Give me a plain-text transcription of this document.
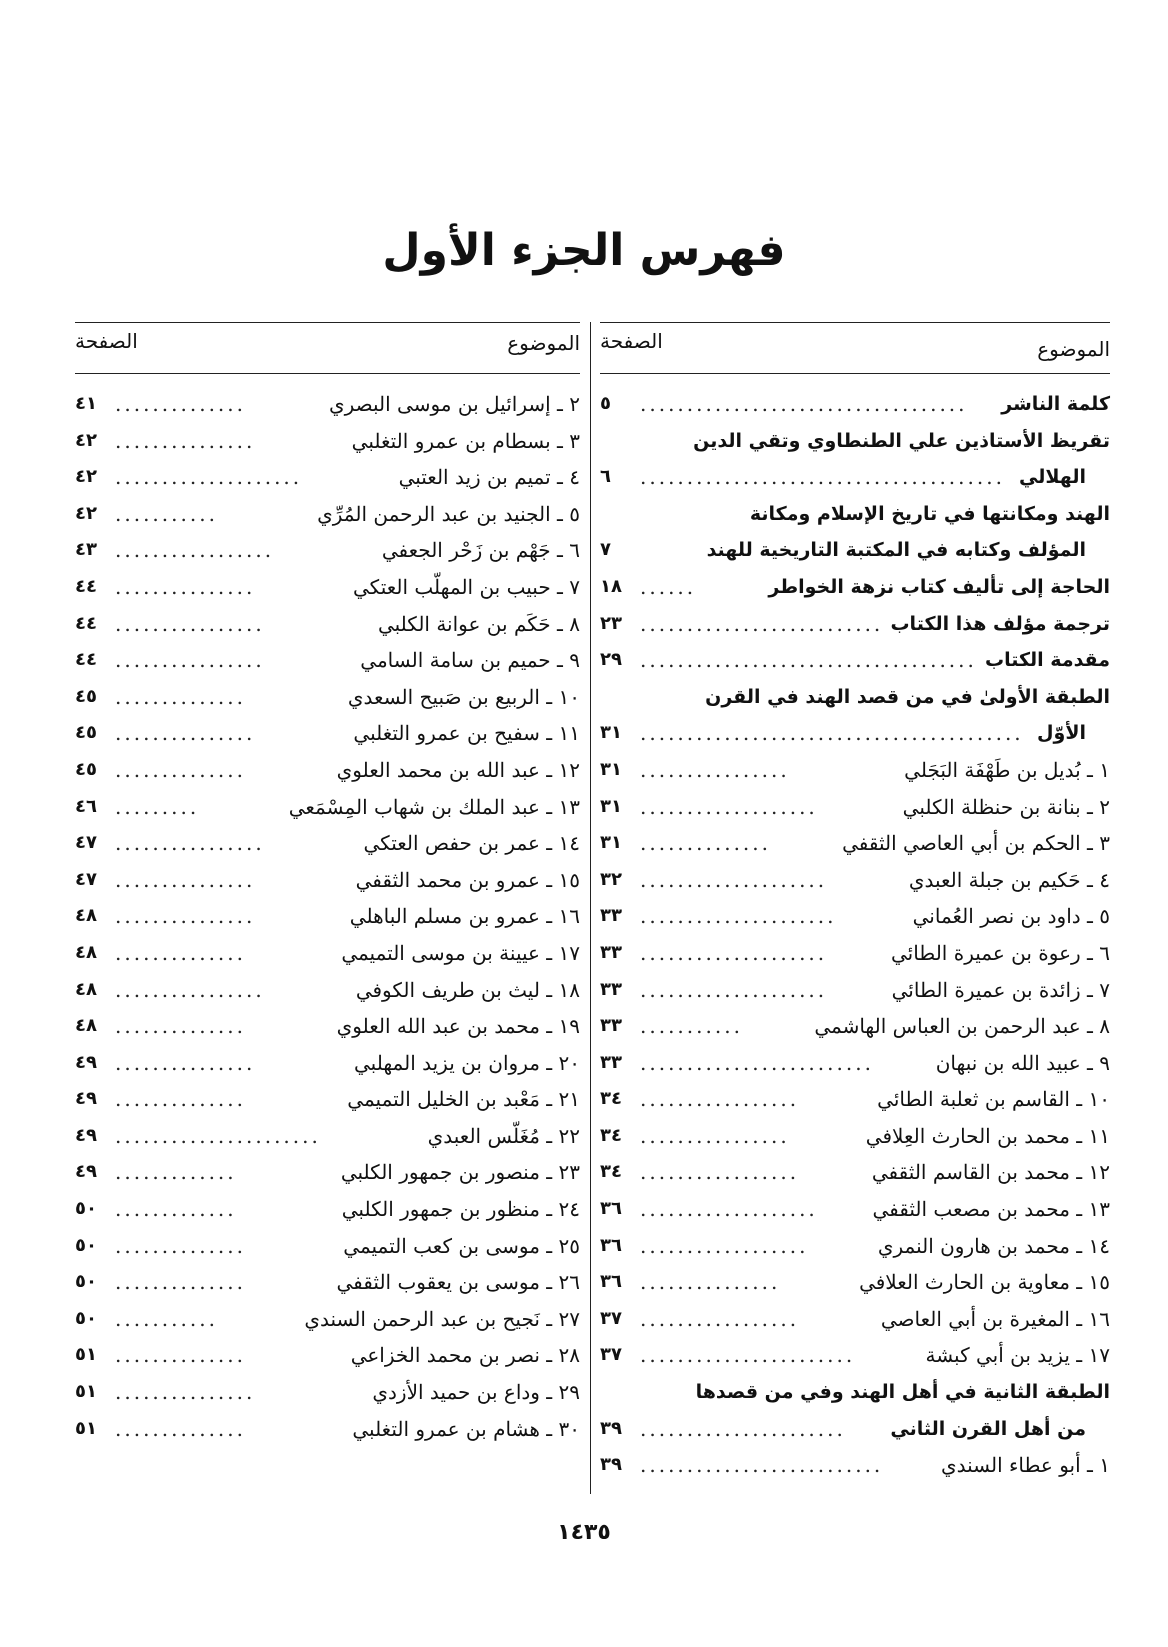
فهرس الجزء الأول
الموضوع
الصفحة
كلمة الناشر
...................................
٥
تقريظ الأستاذين علي الطنطاوي وتقي الدين
الهلالي
.......................................
٦
الهند ومكانتها في تاريخ الإسلام ومكانة
المؤلف وكتابه في المكتبة التاريخية للهند
٧
الحاجة إلى تأليف كتاب نزهة الخواطر
......
١٨
ترجمة مؤلف هذا الكتاب
..........................
٢٣
مقدمة الكتاب
....................................
٢٩
الطبقة الأولىٰ في من قصد الهند في القرن
الأوّل
.........................................
٣١
١ ـ بُديل بن طَهْفَة البَجَلي
................
٣١
٢ ـ بنانة بن حنظلة الكلبي
...................
٣١
٣ ـ الحكم بن أبي العاصي الثقفي
..............
٣١
٤ ـ حَكيم بن جبلة العبدي
....................
٣٢
٥ ـ داود بن نصر العُماني
.....................
٣٣
٦ ـ رعوة بن عميرة الطائي
....................
٣٣
٧ ـ زائدة بن عميرة الطائي
....................
٣٣
٨ ـ عبد الرحمن بن العباس الهاشمي
...........
٣٣
٩ ـ عبيد الله بن نبهان
.........................
٣٣
١٠ ـ القاسم بن ثعلبة الطائي
.................
٣٤
١١ ـ محمد بن الحارث العِلافي
................
٣٤
١٢ ـ محمد بن القاسم الثقفي
.................
٣٤
١٣ ـ محمد بن مصعب الثقفي
...................
٣٦
١٤ ـ محمد بن هارون النمري
..................
٣٦
١٥ ـ معاوية بن الحارث العلافي
...............
٣٦
١٦ ـ المغيرة بن أبي العاصي
.................
٣٧
١٧ ـ يزيد بن أبي كبشة
.......................
٣٧
الطبقة الثانية في أهل الهند وفي من قصدها
من أهل القرن الثاني
......................
٣٩
١ ـ أبو عطاء السندي
..........................
٣٩
الموضوع
الصفحة
٢ ـ إسرائيل بن موسى البصري
..............
٤١
٣ ـ بسطام بن عمرو التغلبي
...............
٤٢
٤ ـ تميم بن زيد العتبي
....................
٤٢
٥ ـ الجنيد بن عبد الرحمن المُرِّي
...........
٤٢
٦ ـ جَهْم بن زَحْر الجعفي
.................
٤٣
٧ ـ حبيب بن المهلّب العتكي
...............
٤٤
٨ ـ حَكَم بن عوانة الكلبي
................
٤٤
٩ ـ حميم بن سامة السامي
................
٤٤
١٠ ـ الربيع بن صَبيح السعدي
..............
٤٥
١١ ـ سفيح بن عمرو التغلبي
...............
٤٥
١٢ ـ عبد الله بن محمد العلوي
..............
٤٥
١٣ ـ عبد الملك بن شهاب المِسْمَعي
.........
٤٦
١٤ ـ عمر بن حفص العتكي
................
٤٧
١٥ ـ عمرو بن محمد الثقفي
...............
٤٧
١٦ ـ عمرو بن مسلم الباهلي
...............
٤٨
١٧ ـ عيينة بن موسى التميمي
..............
٤٨
١٨ ـ ليث بن طريف الكوفي
................
٤٨
١٩ ـ محمد بن عبد الله العلوي
..............
٤٨
٢٠ ـ مروان بن يزيد المهلبي
...............
٤٩
٢١ ـ مَعْبد بن الخليل التميمي
..............
٤٩
٢٢ ـ مُغَلّس العبدي
......................
٤٩
٢٣ ـ منصور بن جمهور الكلبي
.............
٤٩
٢٤ ـ منظور بن جمهور الكلبي
.............
٥٠
٢٥ ـ موسى بن كعب التميمي
..............
٥٠
٢٦ ـ موسى بن يعقوب الثقفي
..............
٥٠
٢٧ ـ نَجيح بن عبد الرحمن السندي
...........
٥٠
٢٨ ـ نصر بن محمد الخزاعي
..............
٥١
٢٩ ـ وداع بن حميد الأزدي
...............
٥١
٣٠ ـ هشام بن عمرو التغلبي
..............
٥١
١٤٣٥
